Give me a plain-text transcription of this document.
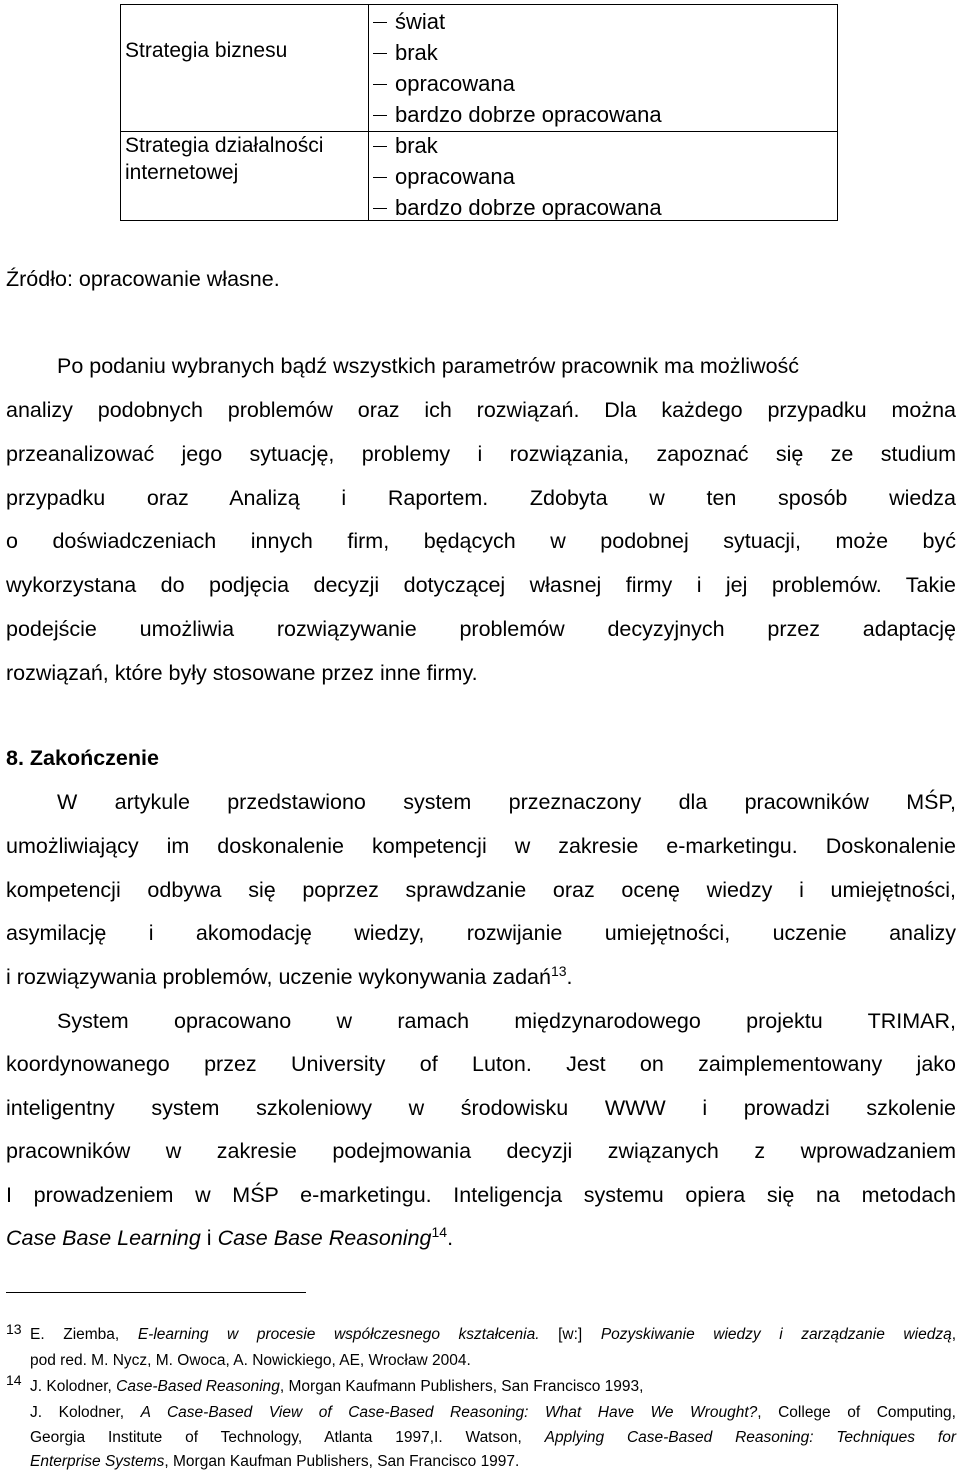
Strategia biznesu
świat
brak
opracowana
bardzo dobrze opracowana
Strategia działalności
internetowej
brak
opracowana
bardzo dobrze opracowana
Źródło: opracowanie własne.
Po podaniu wybranych bądź wszystkich parametrów pracownik ma możliwość
analizy podobnych problemów oraz ich rozwiązań. Dla każdego przypadku można
przeanalizować jego sytuację, problemy i rozwiązania, zapoznać się ze studium
przypadku oraz Analizą i Raportem. Zdobyta w ten sposób wiedza
o doświadczeniach innych firm, będących w podobnej sytuacji, może być
wykorzystana do podjęcia decyzji dotyczącej własnej firmy i jej problemów. Takie
podejście umożliwia rozwiązywanie problemów decyzyjnych przez adaptację
rozwiązań, które były stosowane przez inne firmy.
8. Zakończenie
W artykule przedstawiono system przeznaczony dla pracowników MŚP,
umożliwiający im doskonalenie kompetencji w zakresie e-marketingu. Doskonalenie
kompetencji odbywa się poprzez sprawdzanie oraz ocenę wiedzy i umiejętności,
asymilację i akomodację wiedzy, rozwijanie umiejętności, uczenie analizy
i rozwiązywania problemów, uczenie wykonywania zadań$^{13}$.
System opracowano w ramach międzynarodowego projektu TRIMAR,
koordynowanego przez University of Luton. Jest on zaimplementowany jako
inteligentny system szkoleniowy w środowisku WWW i prowadzi szkolenie
pracowników w zakresie podejmowania decyzji związanych z wprowadzaniem
I prowadzeniem w MŚP e-marketingu. Inteligencja systemu opiera się na metodach
Case Base Learning i Case Base Reasoning$^{14}$.
13 E. Ziemba, E-learning w procesie współczesnego kształcenia. [w:] Pozyskiwanie wiedzy i zarządzanie wiedzą,
pod red. M. Nycz, M. Owoca, A. Nowickiego, AE, Wrocław 2004.
14 J. Kolodner, Case-Based Reasoning, Morgan Kaufmann Publishers, San Francisco 1993,
J. Kolodner, A Case-Based View of Case-Based Reasoning: What Have We Wrought?, College of Computing,
Georgia Institute of Technology, Atlanta 1997,I. Watson, Applying Case-Based Reasoning: Techniques for
Enterprise Systems, Morgan Kaufman Publishers, San Francisco 1997.
